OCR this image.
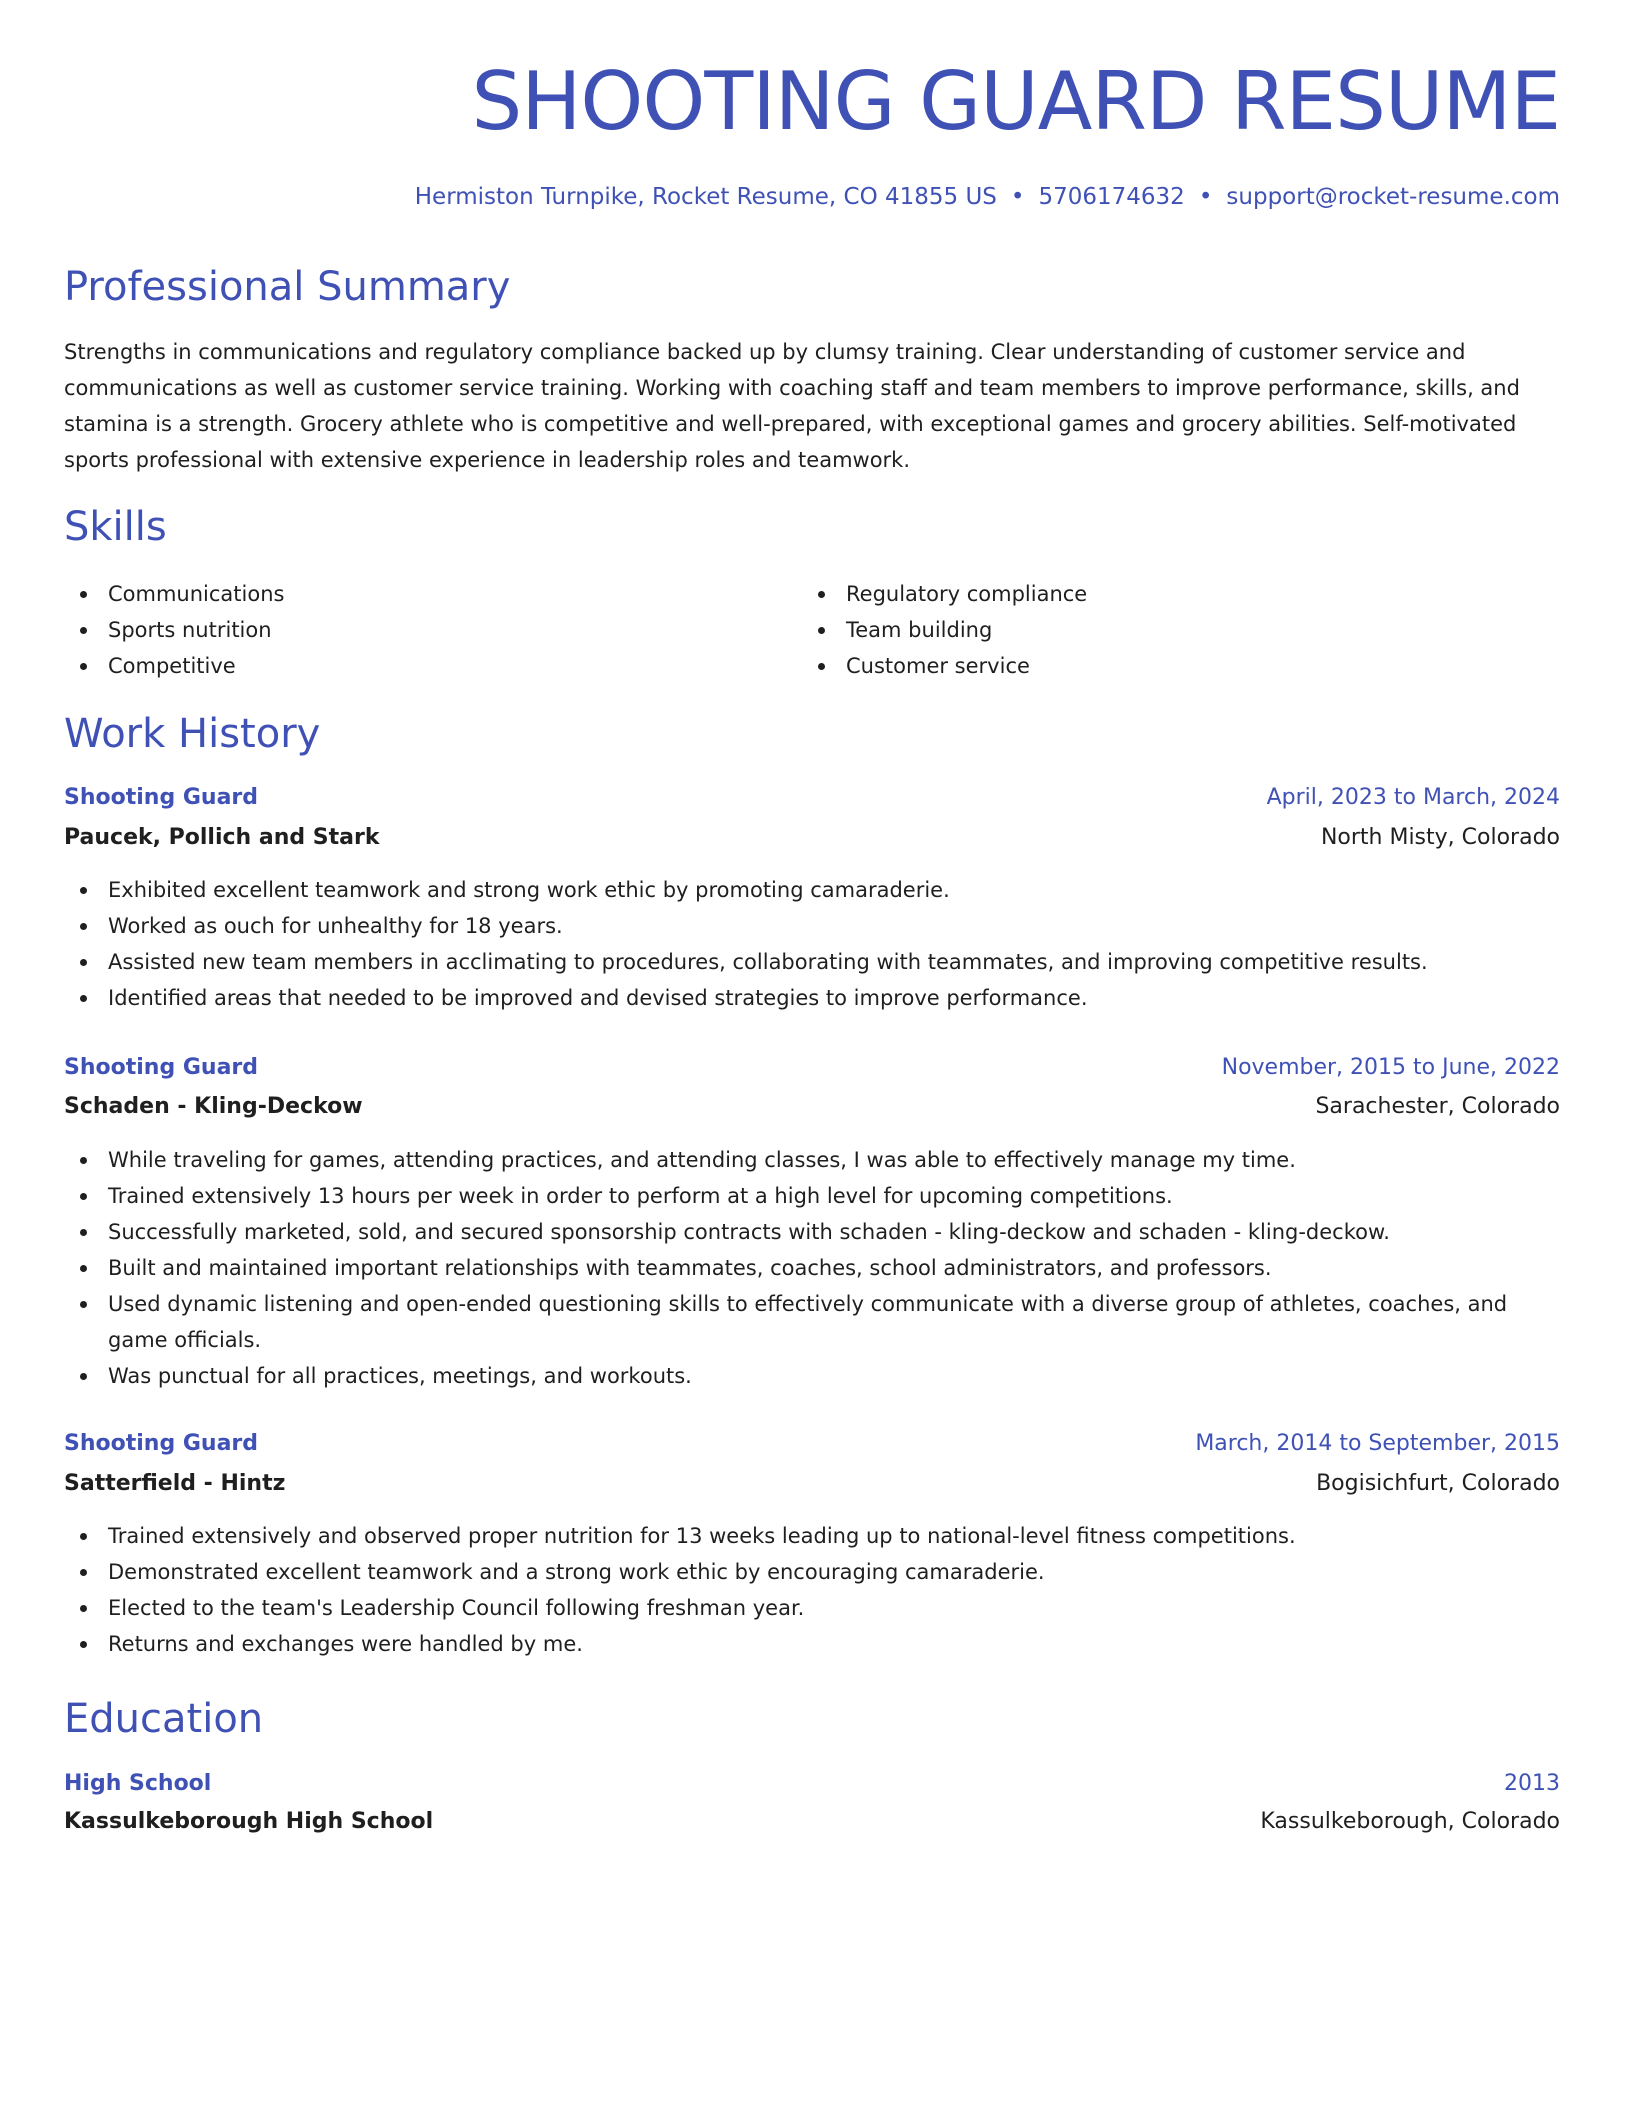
SHOOTING GUARD RESUME
Hermiston Turnpike, Rocket Resume, CO 41855 US • 5706174632 • support@rocket-resume.com
Professional Summary

Strengths in communications and regulatory compliance backed up by clumsy training. Clear understanding of customer service and communications as well as customer service training. Working with coaching staff and team members to improve performance, skills, and stamina is a strength. Grocery athlete who is competitive and well-prepared, with exceptional games and grocery abilities. Self-motivated sports professional with extensive experience in leadership roles and teamwork.

Skills
Communications
Sports nutrition
Competitive
Regulatory compliance
Team building
Customer service
Work History
Shooting Guard	April, 2023 to March, 2024
Paucek, Pollich and Stark	North Misty, Colorado
Exhibited excellent teamwork and strong work ethic by promoting camaraderie.
Worked as ouch for unhealthy for 18 years.
Assisted new team members in acclimating to procedures, collaborating with teammates, and improving competitive results.
Identified areas that needed to be improved and devised strategies to improve performance.
Shooting Guard	November, 2015 to June, 2022
Schaden - Kling-Deckow	Sarachester, Colorado
While traveling for games, attending practices, and attending classes, I was able to effectively manage my time.
Trained extensively 13 hours per week in order to perform at a high level for upcoming competitions.
Successfully marketed, sold, and secured sponsorship contracts with schaden - kling-deckow and schaden - kling-deckow.
Built and maintained important relationships with teammates, coaches, school administrators, and professors.
Used dynamic listening and open-ended questioning skills to effectively communicate with a diverse group of athletes, coaches, and game officials.
Was punctual for all practices, meetings, and workouts.
Shooting Guard	March, 2014 to September, 2015
Satterfield - Hintz	Bogisichfurt, Colorado
Trained extensively and observed proper nutrition for 13 weeks leading up to national-level fitness competitions.
Demonstrated excellent teamwork and a strong work ethic by encouraging camaraderie.
Elected to the team's Leadership Council following freshman year.
Returns and exchanges were handled by me.
Education
High School	2013
Kassulkeborough High School	Kassulkeborough, Colorado
